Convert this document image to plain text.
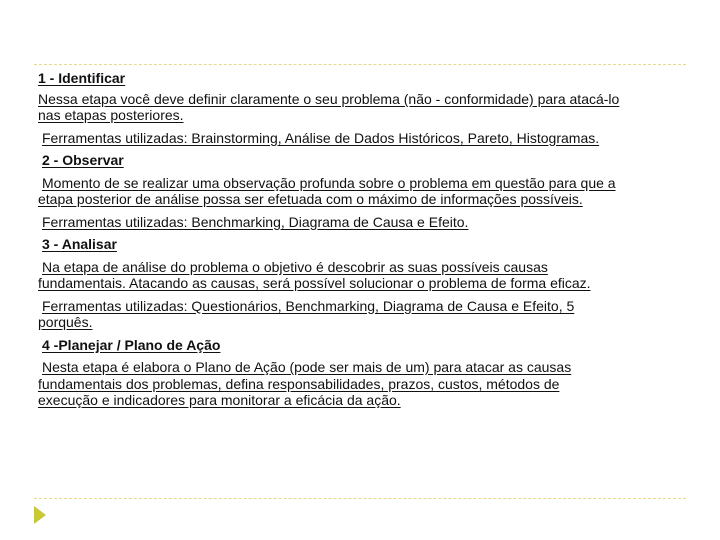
1 - Identificar
Nessa etapa você deve definir claramente o seu problema (não - conformidade) para atacá-lo
nas etapas posteriores.
Ferramentas utilizadas: Brainstorming, Análise de Dados Históricos, Pareto, Histogramas.
2 - Observar
Momento de se realizar uma observação profunda sobre o problema em questão para que a
etapa posterior de análise possa ser efetuada com o máximo de informações possíveis.
Ferramentas utilizadas: Benchmarking, Diagrama de Causa e Efeito.
3 - Analisar
Na etapa de análise do problema o objetivo é descobrir as suas possíveis causas
fundamentais. Atacando as causas, será possível solucionar o problema de forma eficaz.
Ferramentas utilizadas: Questionários, Benchmarking, Diagrama de Causa e Efeito, 5
porquês.
4 -Planejar / Plano de Ação
Nesta etapa é elabora o Plano de Ação (pode ser mais de um) para atacar as causas
fundamentais dos problemas, defina responsabilidades, prazos, custos, métodos de
execução e indicadores para monitorar a eficácia da ação.
